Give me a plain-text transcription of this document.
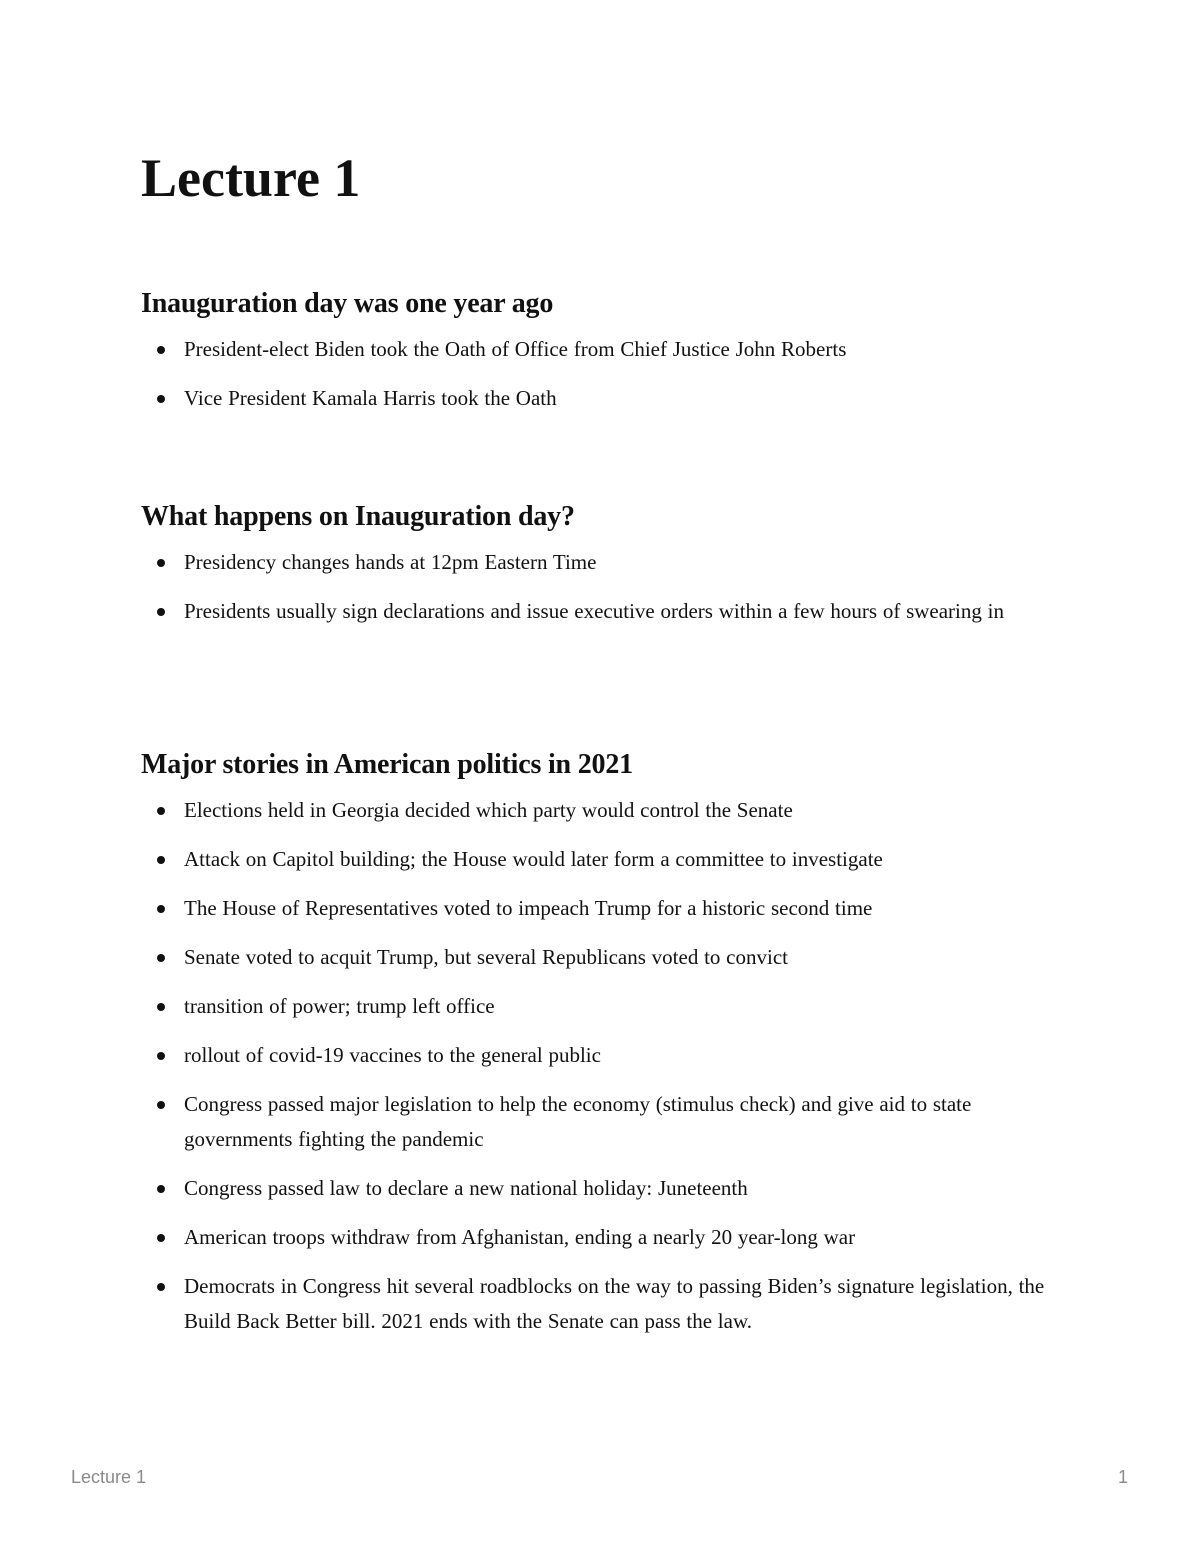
Lecture 1
Inauguration day was one year ago
President-elect Biden took the Oath of Office from Chief Justice John Roberts
Vice President Kamala Harris took the Oath
What happens on Inauguration day?
Presidency changes hands at 12pm Eastern Time
Presidents usually sign declarations and issue executive orders within a few hours of swearing in
Major stories in American politics in 2021
Elections held in Georgia decided which party would control the Senate
Attack on Capitol building; the House would later form a committee to investigate
The House of Representatives voted to impeach Trump for a historic second time
Senate voted to acquit Trump, but several Republicans voted to convict
transition of power; trump left office
rollout of covid-19 vaccines to the general public
Congress passed major legislation to help the economy (stimulus check) and give aid to state governments fighting the pandemic
Congress passed law to declare a new national holiday: Juneteenth
American troops withdraw from Afghanistan, ending a nearly 20 year-long war
Democrats in Congress hit several roadblocks on the way to passing Biden’s signature legislation, the Build Back Better bill. 2021 ends with the Senate can pass the law.
Lecture 1	1
